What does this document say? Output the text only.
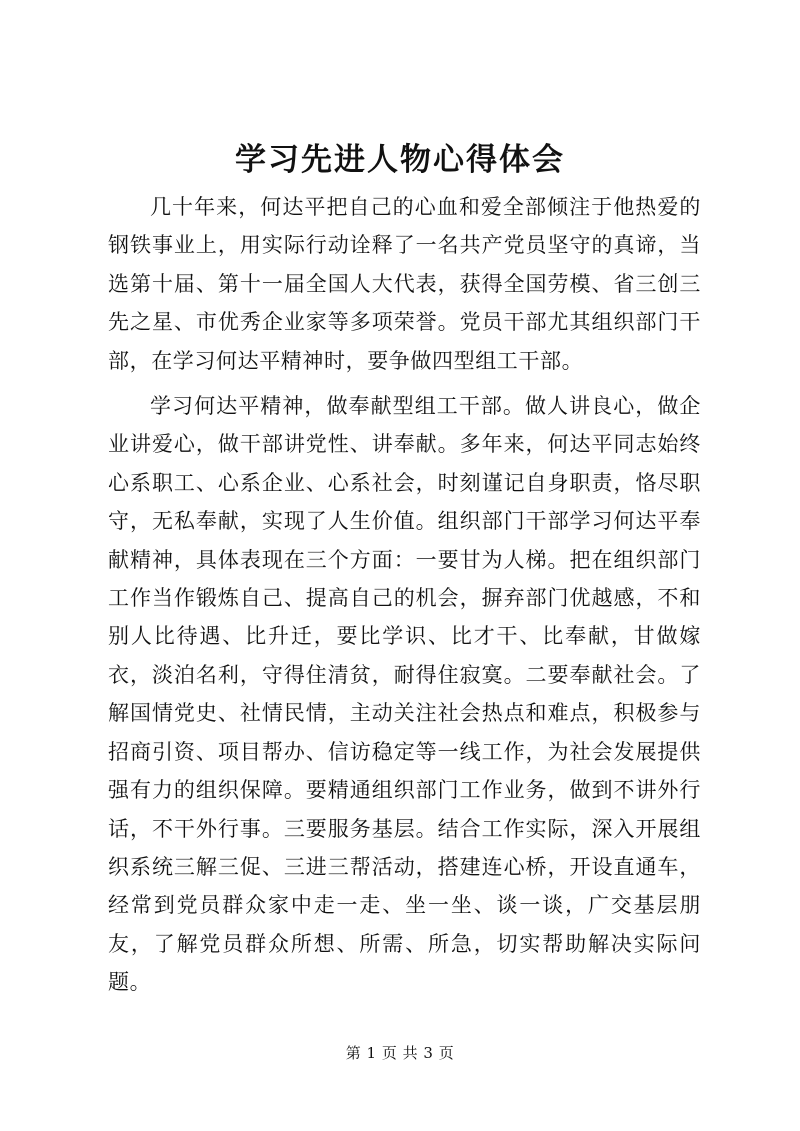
学习先进人物心得体会

几十年来，何达平把自己的心血和爱全部倾注于他热爱的钢铁事业上，用实际行动诠释了一名共产党员坚守的真谛，当选第十届、第十一届全国人大代表，获得全国劳模、省三创三先之星、市优秀企业家等多项荣誉。党员干部尤其组织部门干部，在学习何达平精神时，要争做四型组工干部。

学习何达平精神，做奉献型组工干部。做人讲良心，做企业讲爱心，做干部讲党性、讲奉献。多年来，何达平同志始终心系职工、心系企业、心系社会，时刻谨记自身职责，恪尽职守，无私奉献，实现了人生价值。组织部门干部学习何达平奉献精神，具体表现在三个方面：一要甘为人梯。把在组织部门工作当作锻炼自己、提高自己的机会，摒弃部门优越感，不和别人比待遇、比升迁，要比学识、比才干、比奉献，甘做嫁衣，淡泊名利，守得住清贫，耐得住寂寞。二要奉献社会。了解国情党史、社情民情，主动关注社会热点和难点，积极参与招商引资、项目帮办、信访稳定等一线工作，为社会发展提供强有力的组织保障。要精通组织部门工作业务，做到不讲外行话，不干外行事。三要服务基层。结合工作实际，深入开展组织系统三解三促、三进三帮活动，搭建连心桥，开设直通车，经常到党员群众家中走一走、坐一坐、谈一谈，广交基层朋友，了解党员群众所想、所需、所急，切实帮助解决实际问题。

第 1 页 共 3 页
